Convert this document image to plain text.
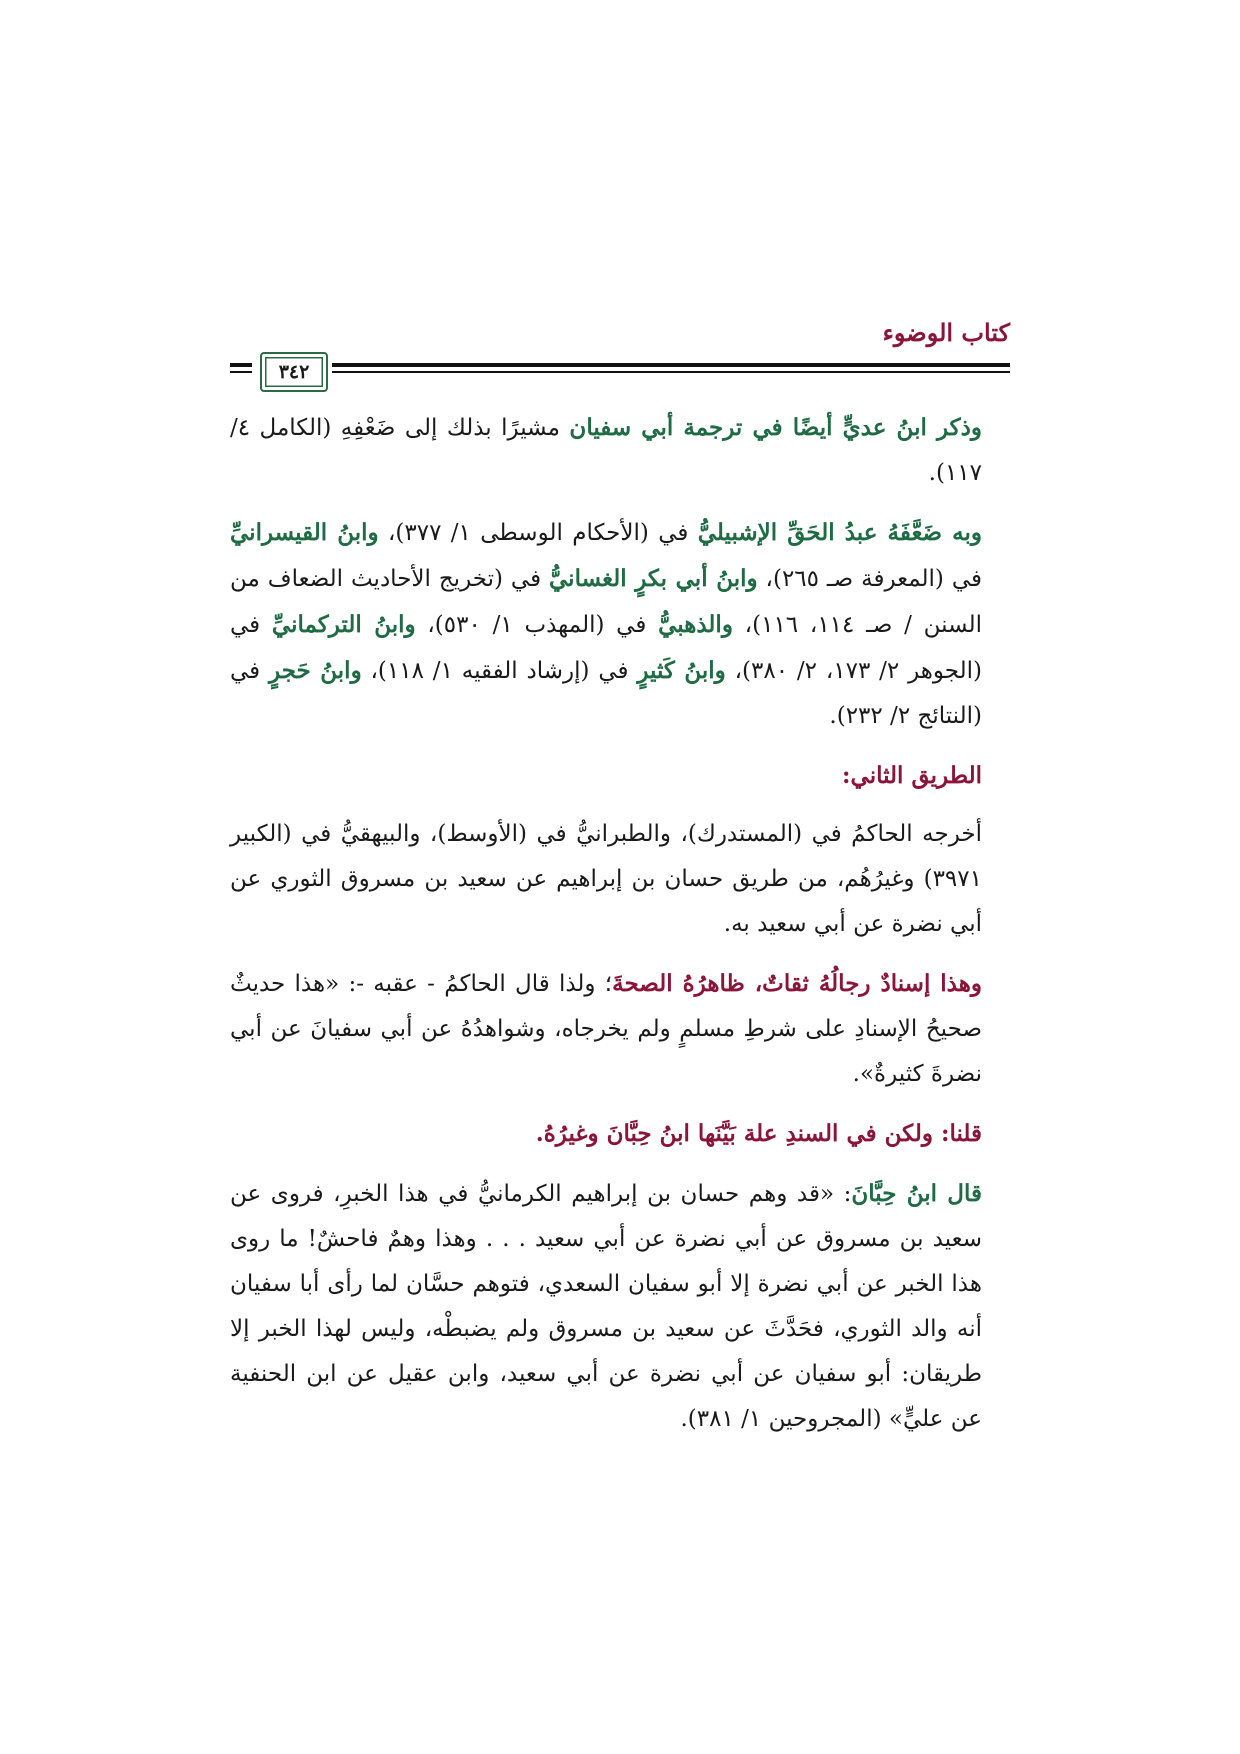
كتاب الوضوء
٣٤٢

وذكر ابنُ عديٍّ أيضًا في ترجمة أبي سفيان مشيرًا بذلك إلى ضَعْفِهِ (الكامل ٤/ ١١٧).

وبه ضَعَّفَهُ عبدُ الحَقِّ الإشبيليُّ في (الأحكام الوسطى ١/ ٣٧٧)، وابنُ القيسرانيِّ في (المعرفة صـ ٢٦٥)، وابنُ أبي بكرٍ الغسانيُّ في (تخريج الأحاديث الضعاف من السنن / صـ ١١٤، ١١٦)، والذهبيُّ في (المهذب ١/ ٥٣٠)، وابنُ التركمانيِّ في (الجوهر ٢/ ١٧٣، ٢/ ٣٨٠)، وابنُ كَثيرٍ في (إرشاد الفقيه ١/ ١١٨)، وابنُ حَجرٍ في (النتائج ٢/ ٢٣٢).

الطريق الثاني:

أخرجه الحاكمُ في (المستدرك)، والطبرانيُّ في (الأوسط)، والبيهقيُّ في (الكبير ٣٩٧١) وغيرُهُم، من طريق حسان بن إبراهيم عن سعيد بن مسروق الثوري عن أبي نضرة عن أبي سعيد به.

وهذا إسنادٌ رجالُهُ ثقاتٌ، ظاهرُهُ الصحةَ؛ ولذا قال الحاكمُ - عقبه -: «هذا حديثٌ صحيحُ الإسنادِ على شرطِ مسلمٍ ولم يخرجاه، وشواهدُهُ عن أبي سفيانَ عن أبي نضرةَ كثيرةٌ».

قلنا: ولكن في السندِ علة بَيَّنَها ابنُ حِبَّانَ وغيرُهُ.

قال ابنُ حِبَّانَ: «قد وهم حسان بن إبراهيم الكرمانيُّ في هذا الخبرِ، فروى عن سعيد بن مسروق عن أبي نضرة عن أبي سعيد . . . وهذا وهمٌ فاحشٌ! ما روى هذا الخبر عن أبي نضرة إلا أبو سفيان السعدي، فتوهم حسَّان لما رأى أبا سفيان أنه والد الثوري، فحَدَّثَ عن سعيد بن مسروق ولم يضبطْه، وليس لهذا الخبر إلا طريقان: أبو سفيان عن أبي نضرة عن أبي سعيد، وابن عقيل عن ابن الحنفية عن عليٍّ» (المجروحين ١/ ٣٨١).
